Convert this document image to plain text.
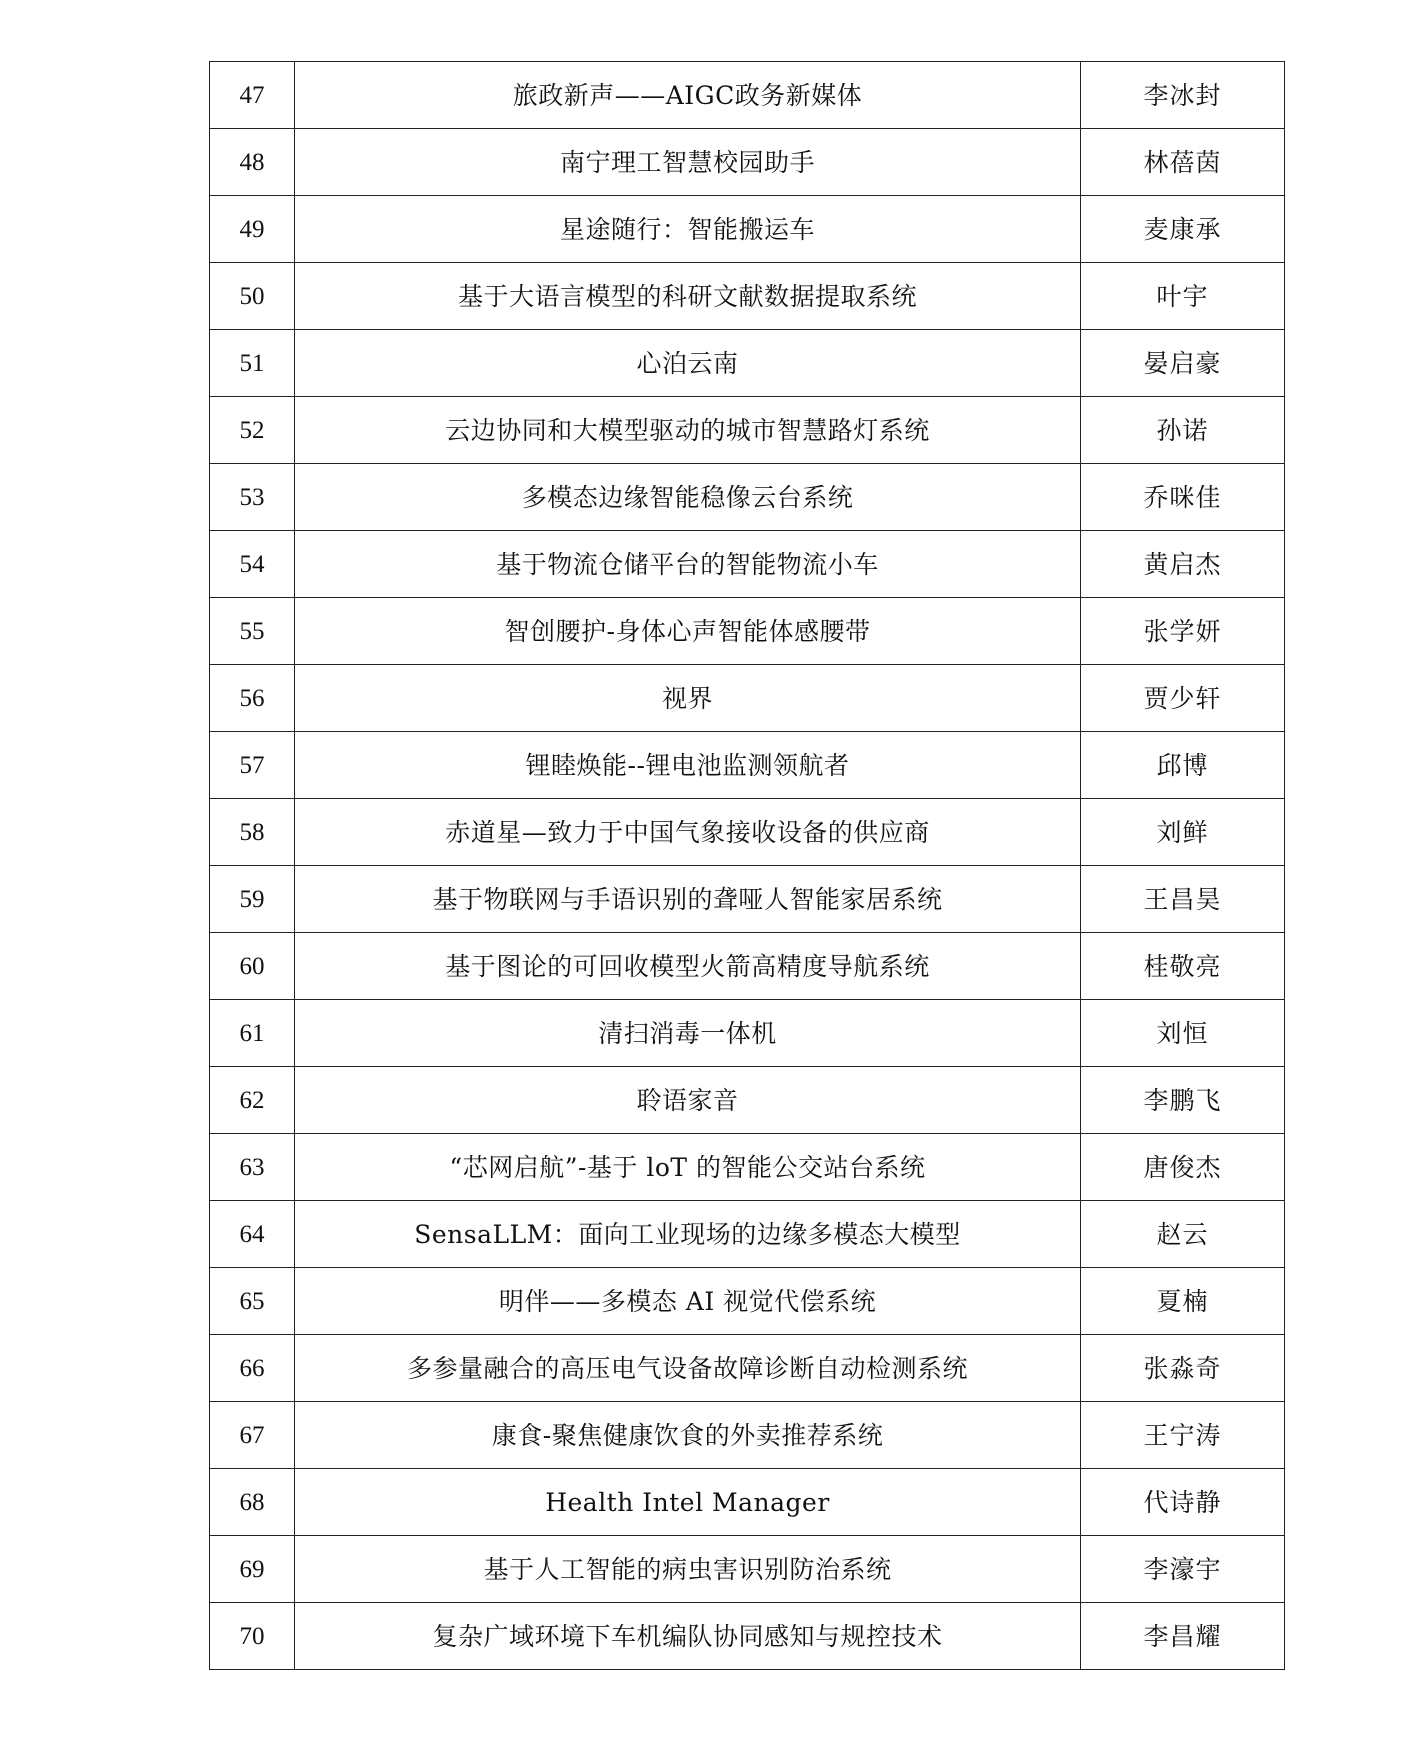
47	旅政新声——AIGC政务新媒体	李冰封
48	南宁理工智慧校园助手	林蓓茵
49	星途随行：智能搬运车	麦康承
50	基于大语言模型的科研文献数据提取系统	叶宇
51	心泊云南	晏启豪
52	云边协同和大模型驱动的城市智慧路灯系统	孙诺
53	多模态边缘智能稳像云台系统	乔咪佳
54	基于物流仓储平台的智能物流小车	黄启杰
55	智创腰护-身体心声智能体感腰带	张学妍
56	视界	贾少轩
57	锂睦焕能--锂电池监测领航者	邱博
58	赤道星—致力于中国气象接收设备的供应商	刘鲜
59	基于物联网与手语识别的聋哑人智能家居系统	王昌昊
60	基于图论的可回收模型火箭高精度导航系统	桂敬亮
61	清扫消毒一体机	刘恒
62	聆语家音	李鹏飞
63	“芯网启航”-基于 loT 的智能公交站台系统	唐俊杰
64	SensaLLM：面向工业现场的边缘多模态大模型	赵云
65	明伴——多模态 AI 视觉代偿系统	夏楠
66	多参量融合的高压电气设备故障诊断自动检测系统	张淼奇
67	康食-聚焦健康饮食的外卖推荐系统	王宁涛
68	Health Intel Manager	代诗静
69	基于人工智能的病虫害识别防治系统	李濠宇
70	复杂广域环境下车机编队协同感知与规控技术	李昌耀
